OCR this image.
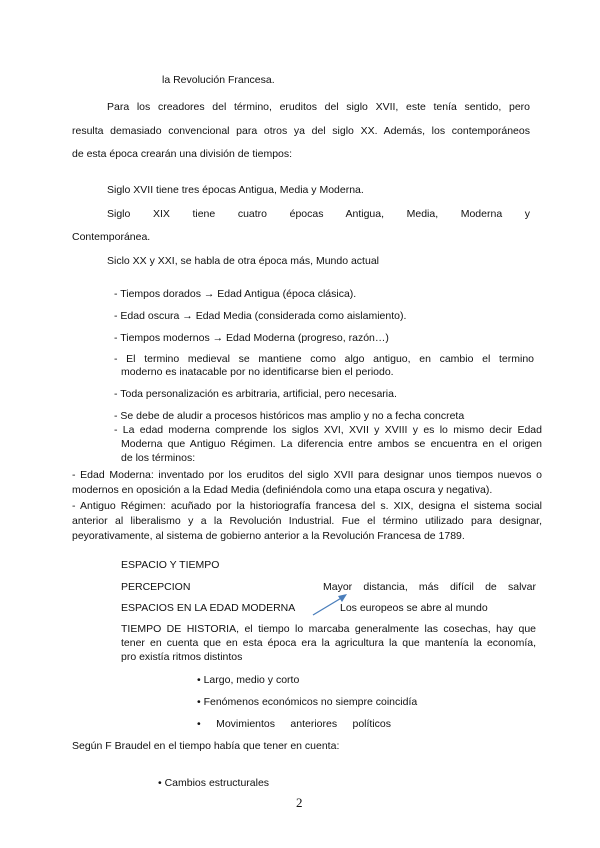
la Revolución Francesa.
Para los creadores del término, eruditos del siglo XVII, este tenía sentido, pero
resulta demasiado convencional para otros ya del siglo XX. Además, los contemporáneos
de esta época crearán una división de tiempos:
Siglo XVII tiene tres épocas Antigua, Media y Moderna.
Siglo XIX tiene cuatro épocas Antigua, Media, Moderna y
Contemporánea.
Siclo XX y XXI, se habla de otra época más, Mundo actual
- Tiempos dorados → Edad Antigua (época clásica).
- Edad oscura → Edad Media (considerada como aislamiento).
- Tiempos modernos → Edad Moderna (progreso, razón…)
- El termino medieval se mantiene como algo antiguo, en cambio el termino
moderno es inatacable por no identificarse bien el periodo.
- Toda personalización es arbitraria, artificial, pero necesaria.
- Se debe de aludir a procesos históricos mas amplio y no a fecha concreta
- La edad moderna comprende los siglos XVI, XVII y XVIII y es lo mismo decir Edad
Moderna que Antiguo Régimen. La diferencia entre ambos se encuentra en el origen
de los términos:
- Edad Moderna: inventado por los eruditos del siglo XVII para designar unos tiempos nuevos o
modernos en oposición a la Edad Media (definiéndola como una etapa oscura y negativa).
- Antiguo Régimen: acuñado por la historiografía francesa del s. XIX, designa el sistema social
anterior al liberalismo y a la Revolución Industrial. Fue el término utilizado para designar,
peyorativamente, al sistema de gobierno anterior a la Revolución Francesa de 1789.
ESPACIO Y TIEMPO
PERCEPCION	Mayor distancia, más difícil de salvar
ESPACIOS EN LA EDAD MODERNA	Los europeos se abre al mundo
TIEMPO DE HISTORIA, el tiempo lo marcaba generalmente las cosechas, hay que
tener en cuenta que en esta época era la agricultura la que mantenía la economía,
pro existía ritmos distintos
• Largo, medio y corto
• Fenómenos económicos no siempre coincidía
• Movimientos anteriores políticos
Según F Braudel en el tiempo había que tener en cuenta:
• Cambios estructurales
2
